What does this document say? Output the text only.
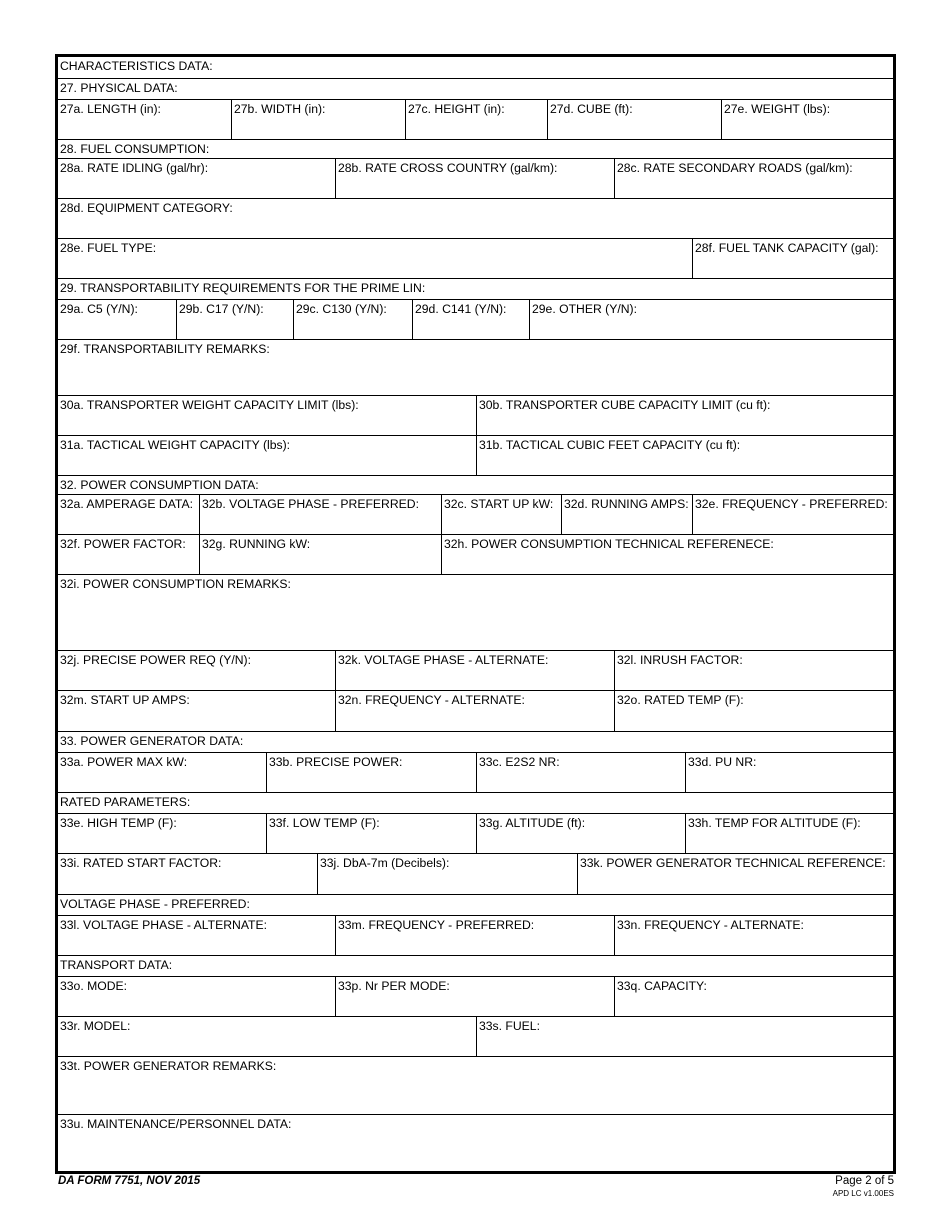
CHARACTERISTICS DATA:
27. PHYSICAL DATA:
27a. LENGTH (in):	27b. WIDTH (in):	27c. HEIGHT (in):	27d. CUBE (ft):	27e. WEIGHT (lbs):
28. FUEL CONSUMPTION:
28a. RATE IDLING (gal/hr):	28b. RATE CROSS COUNTRY (gal/km):	28c. RATE SECONDARY ROADS (gal/km):
28d. EQUIPMENT CATEGORY:
28e. FUEL TYPE:	28f. FUEL TANK CAPACITY (gal):
29. TRANSPORTABILITY REQUIREMENTS FOR THE PRIME LIN:
29a. C5 (Y/N):	29b. C17 (Y/N):	29c. C130 (Y/N):	29d. C141 (Y/N):	29e. OTHER (Y/N):
29f. TRANSPORTABILITY REMARKS:
30a. TRANSPORTER WEIGHT CAPACITY LIMIT (lbs):	30b. TRANSPORTER CUBE CAPACITY LIMIT (cu ft):
31a. TACTICAL WEIGHT CAPACITY (lbs):	31b. TACTICAL CUBIC FEET CAPACITY (cu ft):
32. POWER CONSUMPTION DATA:
32a. AMPERAGE DATA: 32b. VOLTAGE PHASE - PREFERRED:	32c. START UP kW: 32d. RUNNING AMPS: 32e. FREQUENCY - PREFERRED:
32f. POWER FACTOR:	32g. RUNNING kW:	32h. POWER CONSUMPTION TECHNICAL REFERENECE:
32i. POWER CONSUMPTION REMARKS:
32j. PRECISE POWER REQ (Y/N):	32k. VOLTAGE PHASE - ALTERNATE:	32l. INRUSH FACTOR:
32m. START UP AMPS:	32n. FREQUENCY - ALTERNATE:	32o. RATED TEMP (F):
33. POWER GENERATOR DATA:
33a. POWER MAX kW:	33b. PRECISE POWER:	33c. E2S2 NR:	33d. PU NR:
RATED PARAMETERS:
33e. HIGH TEMP (F):	33f. LOW TEMP (F):	33g. ALTITUDE (ft):	33h. TEMP FOR ALTITUDE (F):
33i. RATED START FACTOR:	33j. DbA-7m (Decibels):	33k. POWER GENERATOR TECHNICAL REFERENCE:
VOLTAGE PHASE - PREFERRED:
33l. VOLTAGE PHASE - ALTERNATE:	33m. FREQUENCY - PREFERRED:	33n. FREQUENCY - ALTERNATE:
TRANSPORT DATA:
33o. MODE:	33p. Nr PER MODE:	33q. CAPACITY:
33r. MODEL:	33s. FUEL:
33t. POWER GENERATOR REMARKS:
33u. MAINTENANCE/PERSONNEL DATA:
DA FORM 7751, NOV 2015	Page 2 of 5
APD LC v1.00ES
